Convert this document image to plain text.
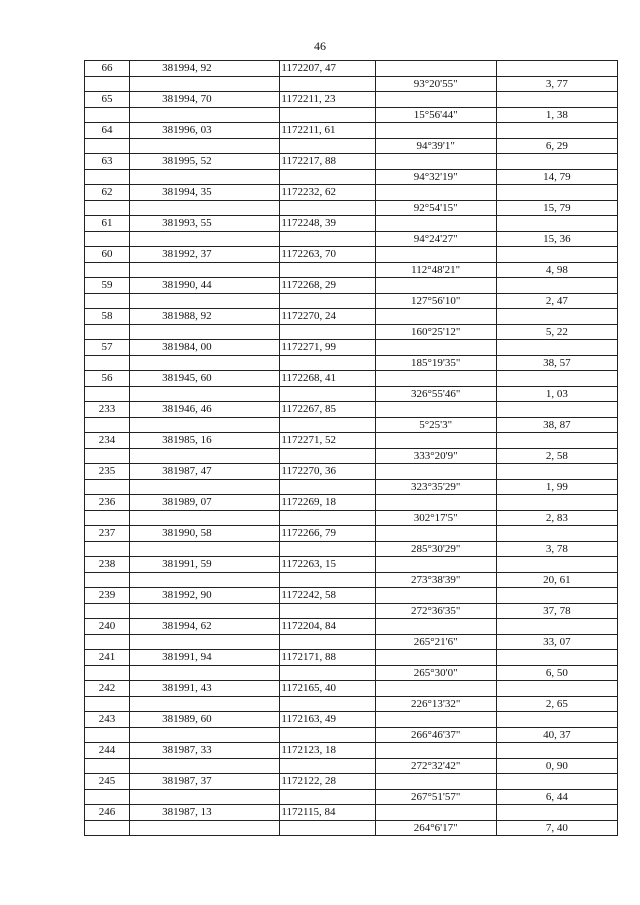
46
66	381994, 92	1172207, 47		
			93°20'55"	3, 77
65	381994, 70	1172211, 23		
			15°56'44"	1, 38
64	381996, 03	1172211, 61		
			94°39'1"	6, 29
63	381995, 52	1172217, 88		
			94°32'19"	14, 79
62	381994, 35	1172232, 62		
			92°54'15"	15, 79
61	381993, 55	1172248, 39		
			94°24'27"	15, 36
60	381992, 37	1172263, 70		
			112°48'21"	4, 98
59	381990, 44	1172268, 29		
			127°56'10"	2, 47
58	381988, 92	1172270, 24		
			160°25'12"	5, 22
57	381984, 00	1172271, 99		
			185°19'35"	38, 57
56	381945, 60	1172268, 41		
			326°55'46"	1, 03
233	381946, 46	1172267, 85		
			5°25'3"	38, 87
234	381985, 16	1172271, 52		
			333°20'9"	2, 58
235	381987, 47	1172270, 36		
			323°35'29"	1, 99
236	381989, 07	1172269, 18		
			302°17'5"	2, 83
237	381990, 58	1172266, 79		
			285°30'29"	3, 78
238	381991, 59	1172263, 15		
			273°38'39"	20, 61
239	381992, 90	1172242, 58		
			272°36'35"	37, 78
240	381994, 62	1172204, 84		
			265°21'6"	33, 07
241	381991, 94	1172171, 88		
			265°30'0"	6, 50
242	381991, 43	1172165, 40		
			226°13'32"	2, 65
243	381989, 60	1172163, 49		
			266°46'37"	40, 37
244	381987, 33	1172123, 18		
			272°32'42"	0, 90
245	381987, 37	1172122, 28		
			267°51'57"	6, 44
246	381987, 13	1172115, 84		
			264°6'17"	7, 40
